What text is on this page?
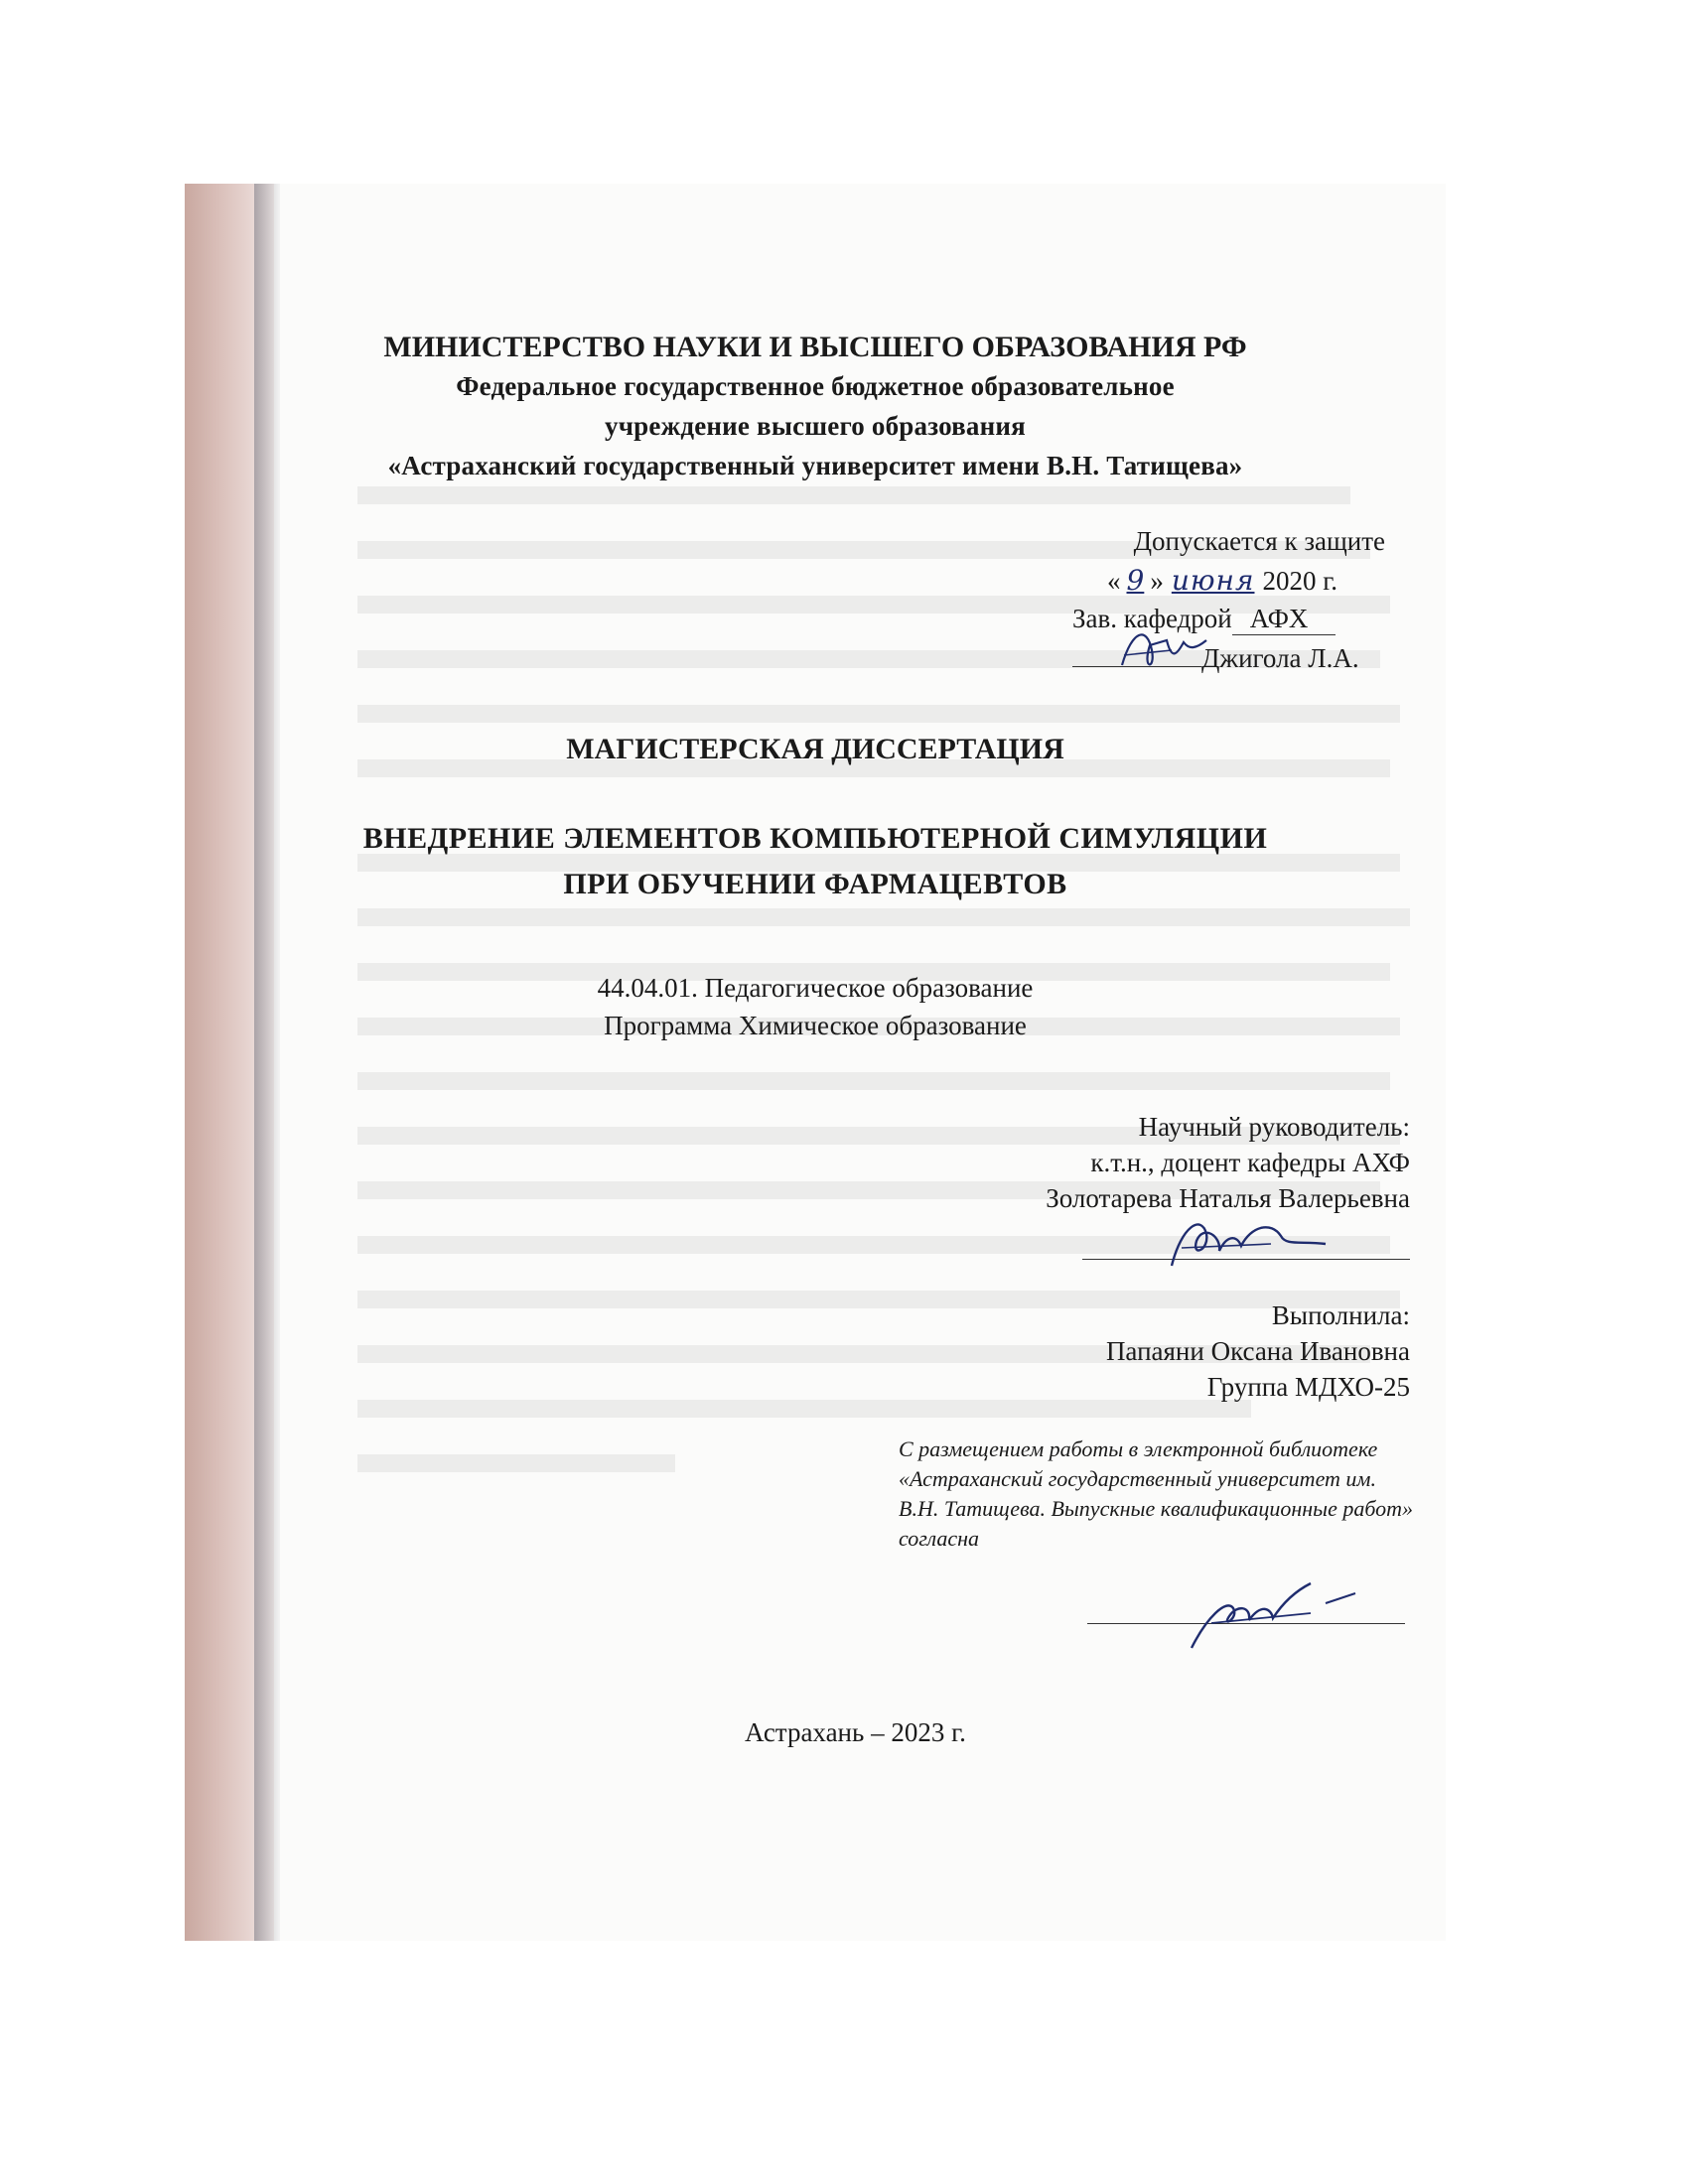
МИНИСТЕРСТВО НАУКИ И ВЫСШЕГО ОБРАЗОВАНИЯ РФ
Федеральное государственное бюджетное образовательное
учреждение высшего образования
«Астраханский государственный университет имени В.Н. Татищева»
Допускается к защите
« 9 » июня 2020 г.
Зав. кафедрой АФХ
Джигола Л.А.
МАГИСТЕРСКАЯ ДИССЕРТАЦИЯ
ВНЕДРЕНИЕ ЭЛЕМЕНТОВ КОМПЬЮТЕРНОЙ СИМУЛЯЦИИ
ПРИ ОБУЧЕНИИ ФАРМАЦЕВТОВ
44.04.01. Педагогическое образование
Программа Химическое образование
Научный руководитель:
к.т.н., доцент кафедры АХФ
Золотарева Наталья Валерьевна
Выполнила:
Папаяни Оксана Ивановна
Группа МДХО-25
С размещением работы в электронной библиотеке «Астраханский государственный университет им. В.Н. Татищева. Выпускные квалификационные работ» согласна
Астрахань – 2023 г.
